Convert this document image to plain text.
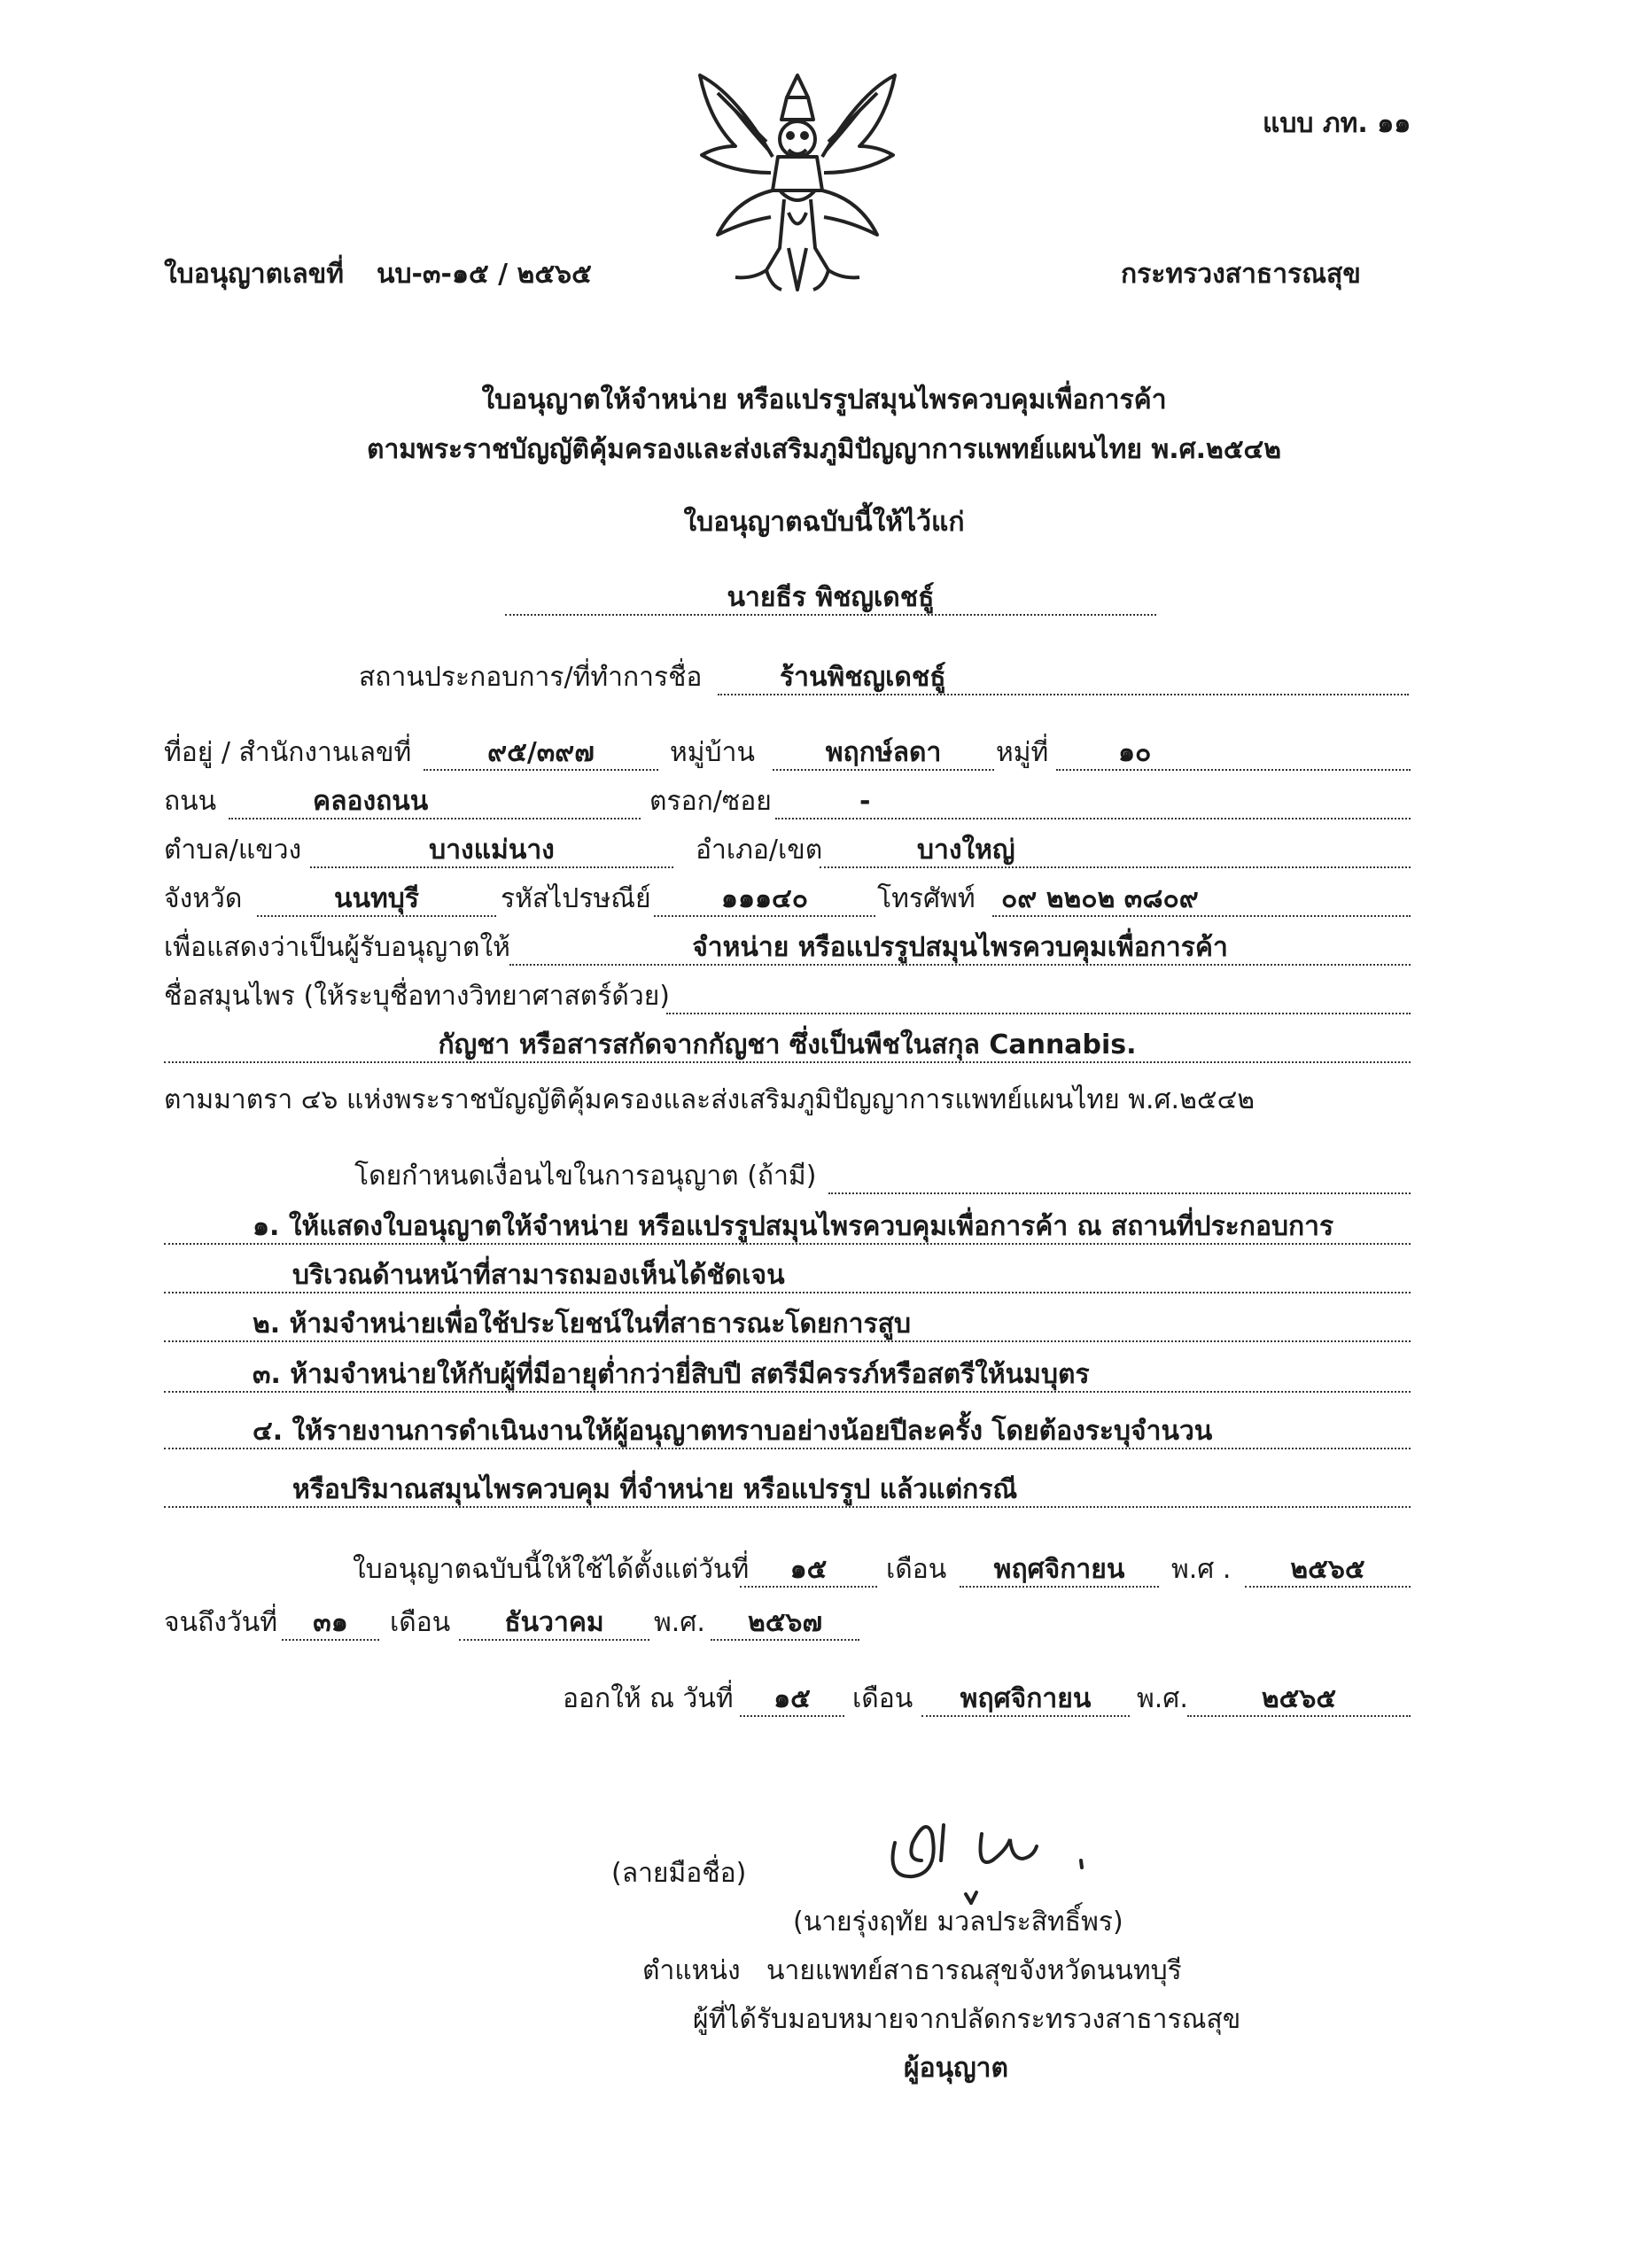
แบบ ภท. ๑๑
ใบอนุญาตเลขที่ นบ-๓-๑๕ / ๒๕๖๕	กระทรวงสาธารณสุข
ใบอนุญาตให้จำหน่าย หรือแปรรูปสมุนไพรควบคุมเพื่อการค้า
ตามพระราชบัญญัติคุ้มครองและส่งเสริมภูมิปัญญาการแพทย์แผนไทย พ.ศ.๒๕๔๒
ใบอนุญาตฉบับนี้ให้ไว้แก่
นายธีร พิชญเดชธู์
สถานประกอบการ/ที่ทำการชื่อ	ร้านพิชญเดชธู์
ที่อยู่ / สำนักงานเลขที่	๙๕/๓๙๗	หมู่บ้าน	พฤกษ์ลดา	หมู่ที่	๑๐
ถนน	คลองถนน	ตรอก/ซอย	-
ตำบล/แขวง	บางแม่นาง	อำเภอ/เขต	บางใหญ่
จังหวัด	นนทบุรี	รหัสไปรษณีย์	๑๑๑๔๐	โทรศัพท์ ๐๙ ๒๒๐๒ ๓๘๐๙
เพื่อแสดงว่าเป็นผู้รับอนุญาตให้	จำหน่าย หรือแปรรูปสมุนไพรควบคุมเพื่อการค้า
ชื่อสมุนไพร (ให้ระบุชื่อทางวิทยาศาสตร์ด้วย)
กัญชา หรือสารสกัดจากกัญชา ซึ่งเป็นพืชในสกุล Cannabis.
ตามมาตรา ๔๖ แห่งพระราชบัญญัติคุ้มครองและส่งเสริมภูมิปัญญาการแพทย์แผนไทย พ.ศ.๒๕๔๒
โดยกำหนดเงื่อนไขในการอนุญาต (ถ้ามี)
๑. ให้แสดงใบอนุญาตให้จำหน่าย หรือแปรรูปสมุนไพรควบคุมเพื่อการค้า ณ สถานที่ประกอบการ
บริเวณด้านหน้าที่สามารถมองเห็นได้ชัดเจน
๒. ห้ามจำหน่ายเพื่อใช้ประโยชน์ในที่สาธารณะโดยการสูบ
๓. ห้ามจำหน่ายให้กับผู้ที่มีอายุต่ำกว่ายี่สิบปี สตรีมีครรภ์หรือสตรีให้นมบุตร
๔. ให้รายงานการดำเนินงานให้ผู้อนุญาตทราบอย่างน้อยปีละครั้ง โดยต้องระบุจำนวน
หรือปริมาณสมุนไพรควบคุม ที่จำหน่าย หรือแปรรูป แล้วแต่กรณี
ใบอนุญาตฉบับนี้ให้ใช้ได้ตั้งแต่วันที่	๑๕	เดือน	พฤศจิกายน	พ.ศ .	๒๕๖๕
จนถึงวันที่	๓๑	เดือน	ธันวาคม	พ.ศ.	๒๕๖๗
ออกให้ ณ วันที่	๑๕	เดือน	พฤศจิกายน	พ.ศ.	๒๕๖๕
(ลายมือชื่อ)
(นายรุ่งฤทัย มวลประสิทธิ์พร)
ตำแหน่ง นายแพทย์สาธารณสุขจังหวัดนนทบุรี
ผู้ที่ได้รับมอบหมายจากปลัดกระทรวงสาธารณสุข
ผู้อนุญาต
